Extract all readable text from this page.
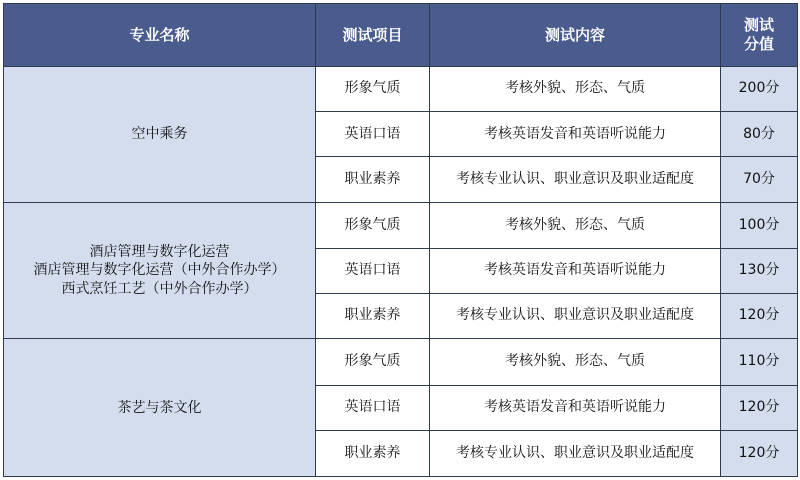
专业名称	测试项目	测试内容	测试
分值

空中乘务	形象气质	考核外貌、形态、气质	200分
	英语口语	考核英语发音和英语听说能力	80分
	职业素养	考核专业认识、职业意识及职业适配度	70分

酒店管理与数字化运营
酒店管理与数字化运营（中外合作办学）
西式烹饪工艺（中外合作办学）	形象气质	考核外貌、形态、气质	100分
	英语口语	考核英语发音和英语听说能力	130分
	职业素养	考核专业认识、职业意识及职业适配度	120分

茶艺与茶文化	形象气质	考核外貌、形态、气质	110分
	英语口语	考核英语发音和英语听说能力	120分
	职业素养	考核专业认识、职业意识及职业适配度	120分
